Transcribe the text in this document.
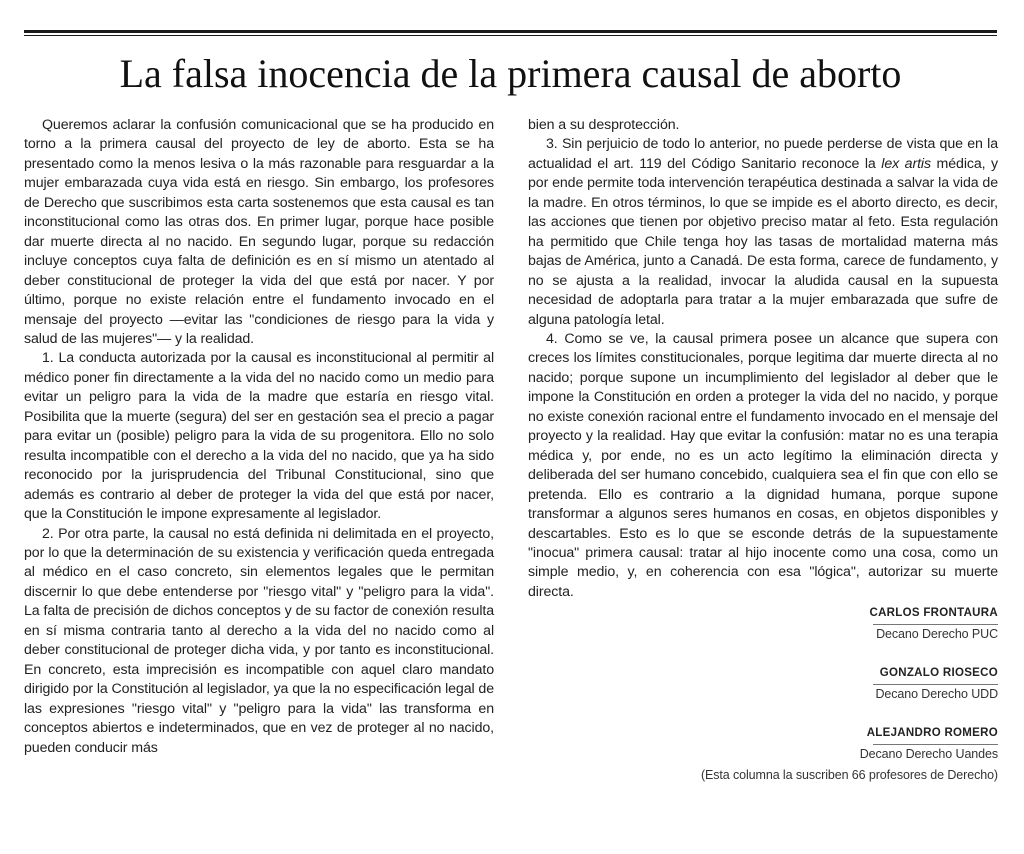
La falsa inocencia de la primera causal de aborto

Queremos aclarar la confusión comunicacional que se ha producido en torno a la primera causal del proyecto de ley de aborto. Esta se ha presentado como la menos lesiva o la más razonable para resguardar a la mujer embarazada cuya vida está en riesgo. Sin embargo, los profesores de Derecho que suscribimos esta carta sostenemos que esta causal es tan inconstitucional como las otras dos. En primer lugar, porque hace posible dar muerte directa al no nacido. En segundo lugar, porque su redacción incluye conceptos cuya falta de definición es en sí mismo un atentado al deber constitucional de proteger la vida del que está por nacer. Y por último, porque no existe relación entre el fundamento invocado en el mensaje del proyecto —evitar las "condiciones de riesgo para la vida y salud de las mujeres"— y la realidad.

1. La conducta autorizada por la causal es inconstitucional al permitir al médico poner fin directamente a la vida del no nacido como un medio para evitar un peligro para la vida de la madre que estaría en riesgo vital. Posibilita que la muerte (segura) del ser en gestación sea el precio a pagar para evitar un (posible) peligro para la vida de su progenitora. Ello no solo resulta incompatible con el derecho a la vida del no nacido, que ya ha sido reconocido por la jurisprudencia del Tribunal Constitucional, sino que además es contrario al deber de proteger la vida del que está por nacer, que la Constitución le impone expresamente al legislador.

2. Por otra parte, la causal no está definida ni delimitada en el proyecto, por lo que la determinación de su existencia y verificación queda entregada al médico en el caso concreto, sin elementos legales que le permitan discernir lo que debe entenderse por "riesgo vital" y "peligro para la vida". La falta de precisión de dichos conceptos y de su factor de conexión resulta en sí misma contraria tanto al derecho a la vida del no nacido como al deber constitucional de proteger dicha vida, y por tanto es inconstitucional. En concreto, esta imprecisión es incompatible con aquel claro mandato dirigido por la Constitución al legislador, ya que la no especificación legal de las expresiones "riesgo vital" y "peligro para la vida" las transforma en conceptos abiertos e indeterminados, que en vez de proteger al no nacido, pueden conducir más

bien a su desprotección.

3. Sin perjuicio de todo lo anterior, no puede perderse de vista que en la actualidad el art. 119 del Código Sanitario reconoce la lex artis médica, y por ende permite toda intervención terapéutica destinada a salvar la vida de la madre. En otros términos, lo que se impide es el aborto directo, es decir, las acciones que tienen por objetivo preciso matar al feto. Esta regulación ha permitido que Chile tenga hoy las tasas de mortalidad materna más bajas de América, junto a Canadá. De esta forma, carece de fundamento, y no se ajusta a la realidad, invocar la aludida causal en la supuesta necesidad de adoptarla para tratar a la mujer embarazada que sufre de alguna patología letal.

4. Como se ve, la causal primera posee un alcance que supera con creces los límites constitucionales, porque legitima dar muerte directa al no nacido; porque supone un incumplimiento del legislador al deber que le impone la Constitución en orden a proteger la vida del no nacido, y porque no existe conexión racional entre el fundamento invocado en el mensaje del proyecto y la realidad. Hay que evitar la confusión: matar no es una terapia médica y, por ende, no es un acto legítimo la eliminación directa y deliberada del ser humano concebido, cualquiera sea el fin que con ello se pretenda. Ello es contrario a la dignidad humana, porque supone transformar a algunos seres humanos en cosas, en objetos disponibles y descartables. Esto es lo que se esconde detrás de la supuestamente "inocua" primera causal: tratar al hijo inocente como una cosa, como un simple medio, y, en coherencia con esa "lógica", autorizar su muerte directa.

CARLOS FRONTAURA
Decano Derecho PUC
GONZALO RIOSECO
Decano Derecho UDD
ALEJANDRO ROMERO
Decano Derecho Uandes
(Esta columna la suscriben 66 profesores de Derecho)
